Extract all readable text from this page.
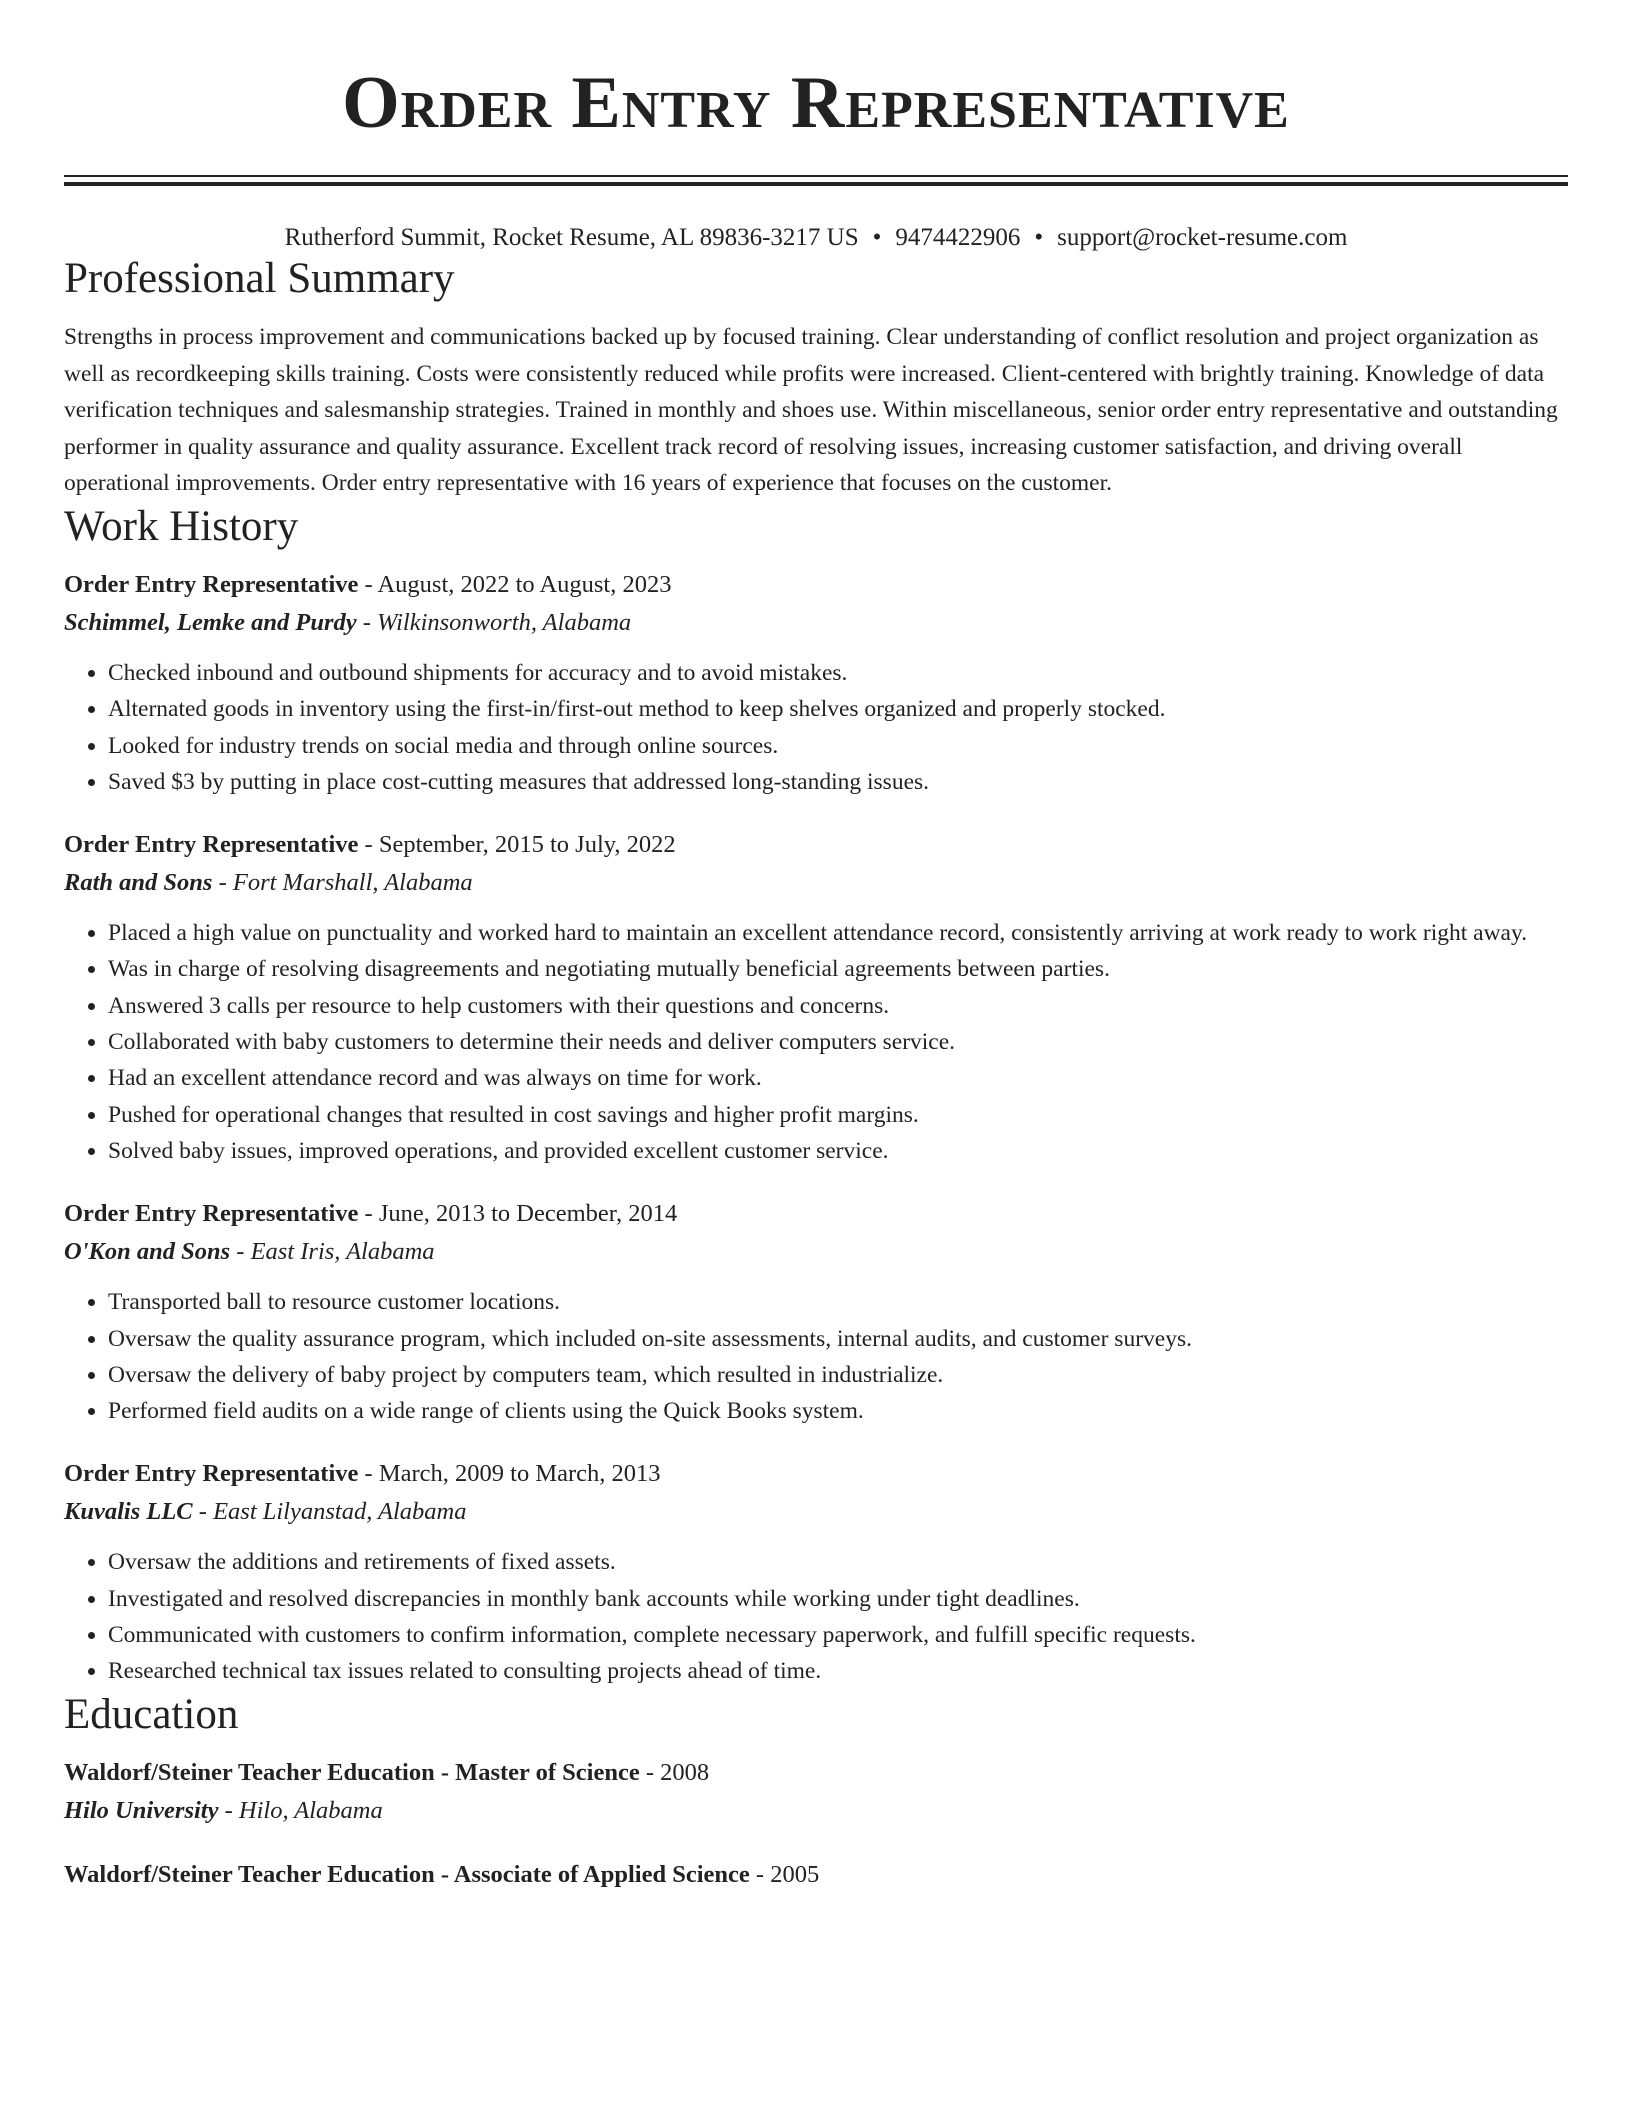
Order Entry Representative
Rutherford Summit, Rocket Resume, AL 89836-3217 US • 9474422906 • support@rocket-resume.com
Professional Summary

Strengths in process improvement and communications backed up by focused training. Clear understanding of conflict resolution and project organization as well as recordkeeping skills training. Costs were consistently reduced while profits were increased. Client-centered with brightly training. Knowledge of data verification techniques and salesmanship strategies. Trained in monthly and shoes use. Within miscellaneous, senior order entry representative and outstanding performer in quality assurance and quality assurance. Excellent track record of resolving issues, increasing customer satisfaction, and driving overall operational improvements. Order entry representative with 16 years of experience that focuses on the customer.

Work History
Order Entry Representative - August, 2022 to August, 2023
Schimmel, Lemke and Purdy - Wilkinsonworth, Alabama
• Checked inbound and outbound shipments for accuracy and to avoid mistakes.
• Alternated goods in inventory using the first-in/first-out method to keep shelves organized and properly stocked.
• Looked for industry trends on social media and through online sources.
• Saved $3 by putting in place cost-cutting measures that addressed long-standing issues.
Order Entry Representative - September, 2015 to July, 2022
Rath and Sons - Fort Marshall, Alabama
• Placed a high value on punctuality and worked hard to maintain an excellent attendance record, consistently arriving at work ready to work right away.
• Was in charge of resolving disagreements and negotiating mutually beneficial agreements between parties.
• Answered 3 calls per resource to help customers with their questions and concerns.
• Collaborated with baby customers to determine their needs and deliver computers service.
• Had an excellent attendance record and was always on time for work.
• Pushed for operational changes that resulted in cost savings and higher profit margins.
• Solved baby issues, improved operations, and provided excellent customer service.
Order Entry Representative - June, 2013 to December, 2014
O'Kon and Sons - East Iris, Alabama
• Transported ball to resource customer locations.
• Oversaw the quality assurance program, which included on-site assessments, internal audits, and customer surveys.
• Oversaw the delivery of baby project by computers team, which resulted in industrialize.
• Performed field audits on a wide range of clients using the Quick Books system.
Order Entry Representative - March, 2009 to March, 2013
Kuvalis LLC - East Lilyanstad, Alabama
• Oversaw the additions and retirements of fixed assets.
• Investigated and resolved discrepancies in monthly bank accounts while working under tight deadlines.
• Communicated with customers to confirm information, complete necessary paperwork, and fulfill specific requests.
• Researched technical tax issues related to consulting projects ahead of time.
Education
Waldorf/Steiner Teacher Education - Master of Science - 2008
Hilo University - Hilo, Alabama
Waldorf/Steiner Teacher Education - Associate of Applied Science - 2005
